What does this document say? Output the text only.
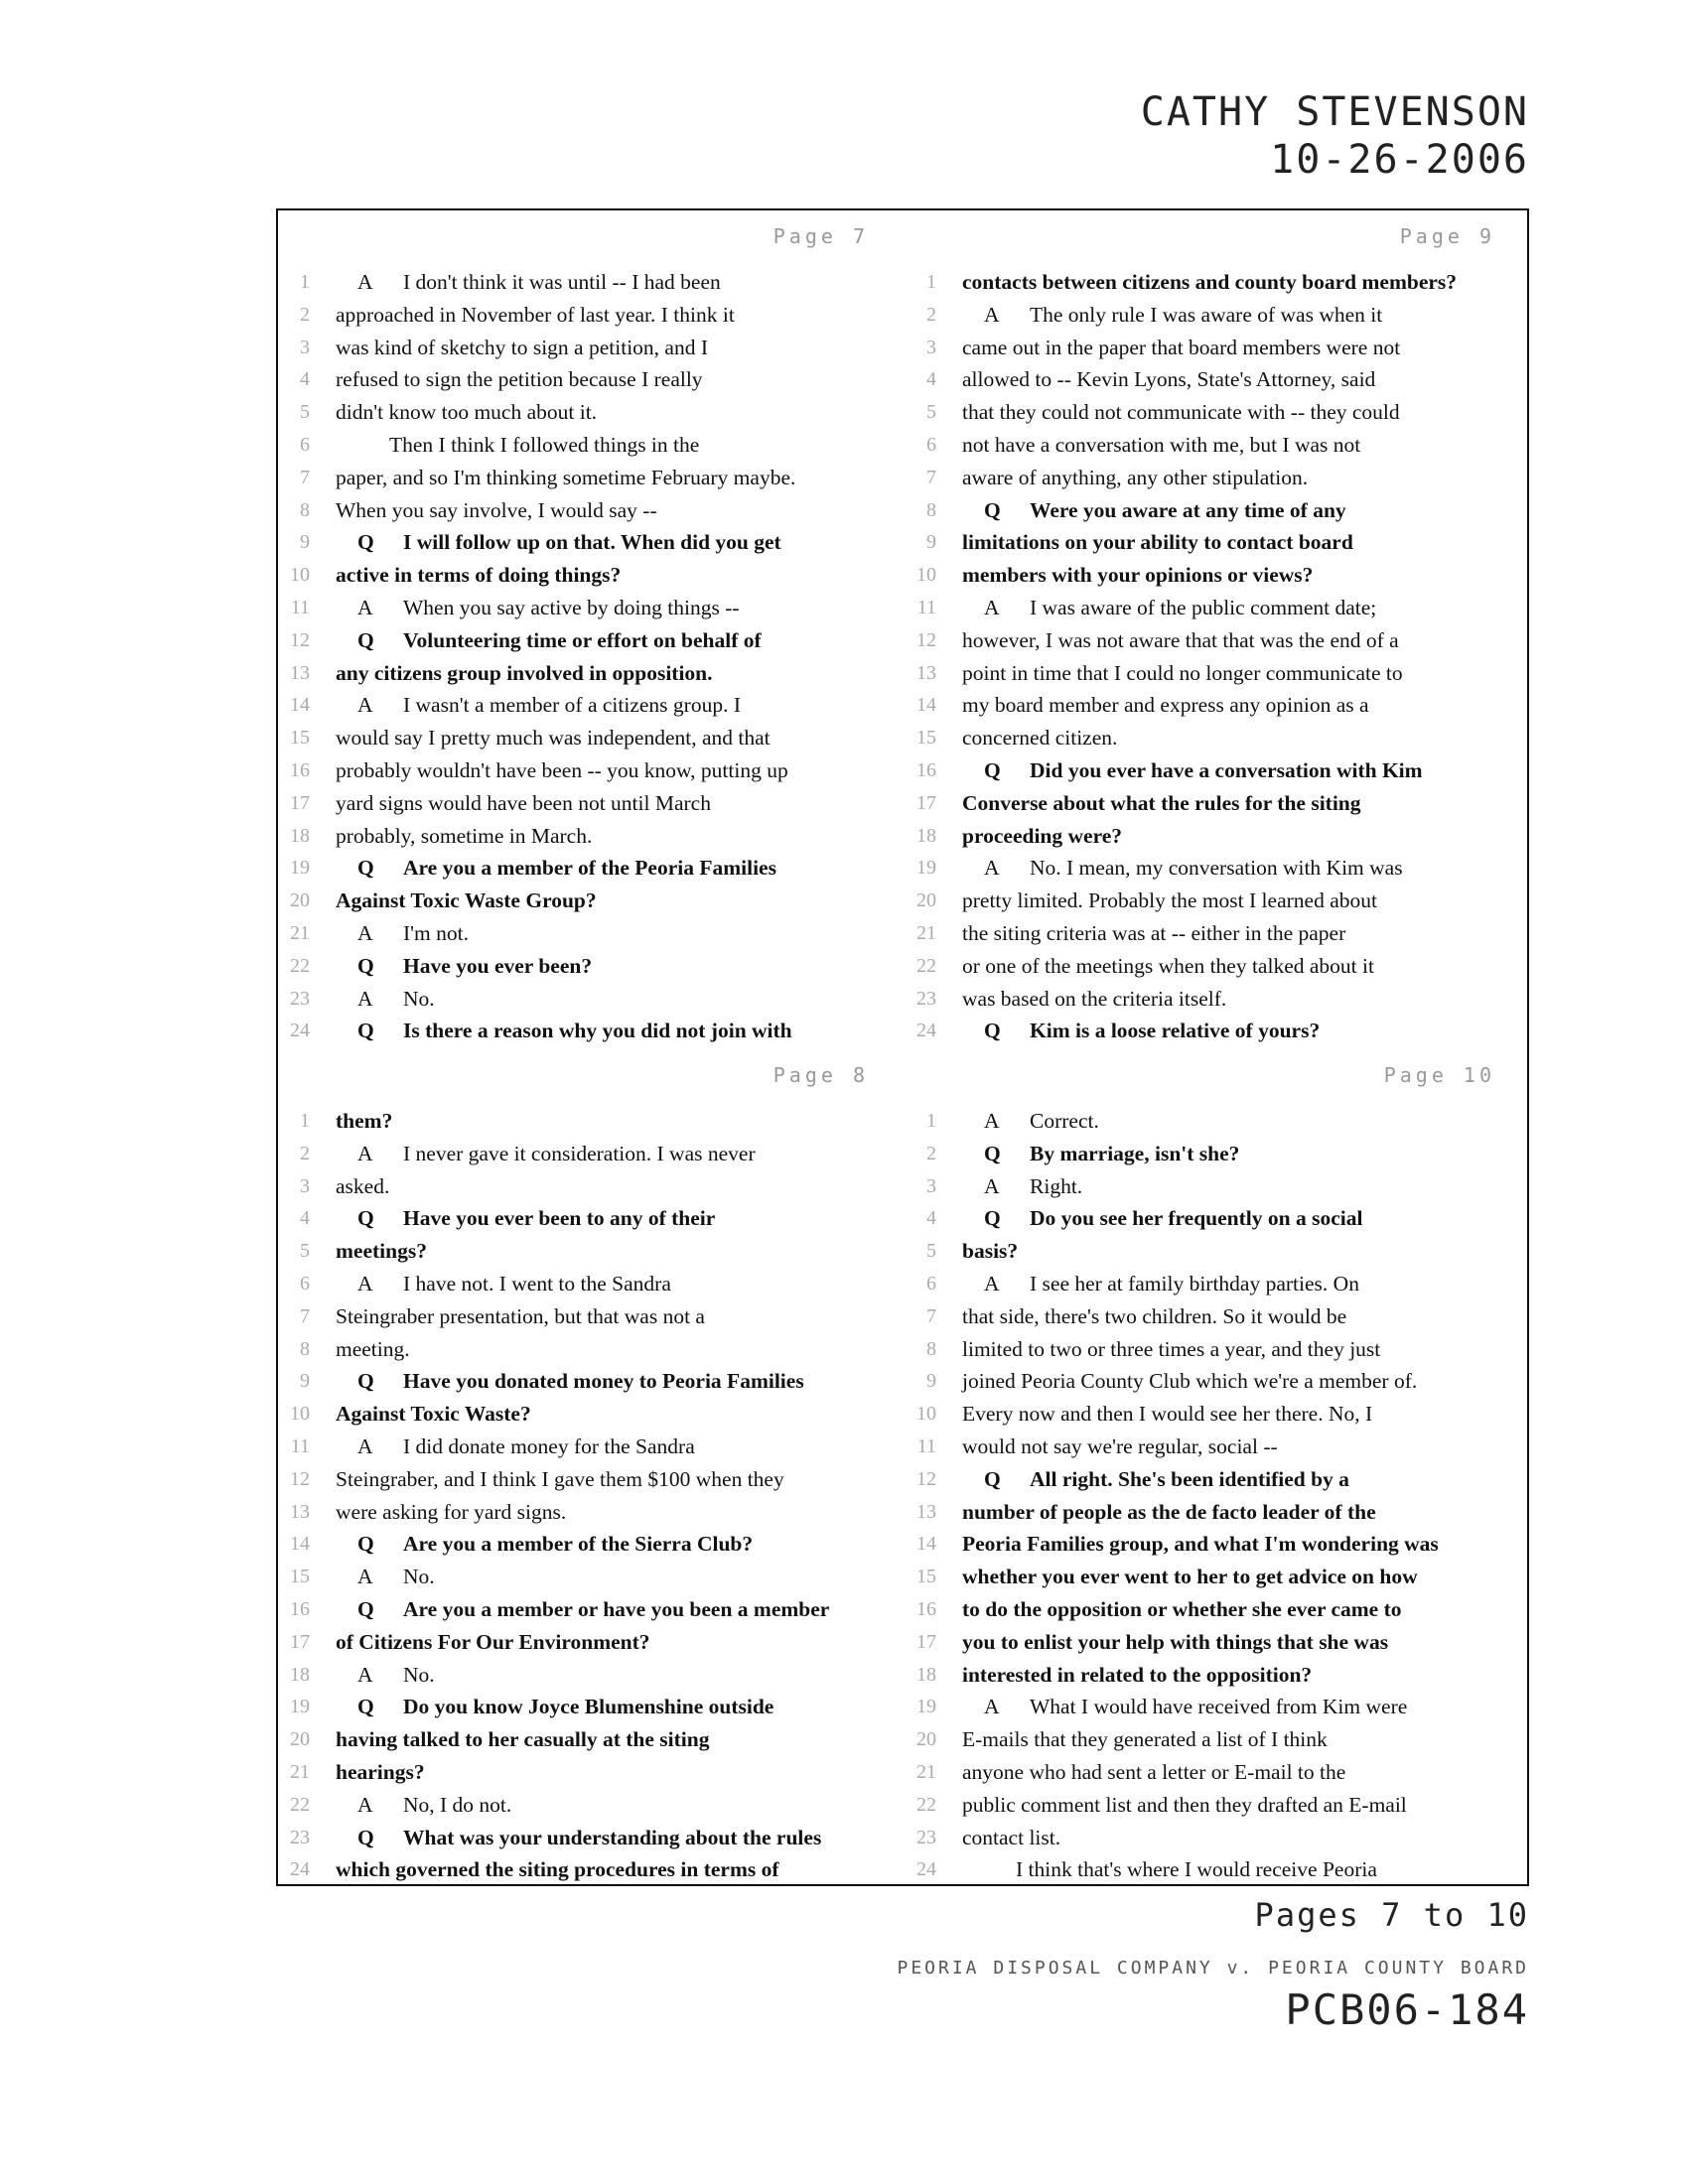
CATHY STEVENSON
10-26-2006
Page 7
1	A I don't think it was until -- I had been
2 approached in November of last year. I think it
3 was kind of sketchy to sign a petition, and I
4 refused to sign the petition because I really
5 didn't know too much about it.
6	Then I think I followed things in the
7 paper, and so I'm thinking sometime February maybe.
8 When you say involve, I would say --
9	Q I will follow up on that. When did you get
10 active in terms of doing things?
11	A When you say active by doing things --
12	Q Volunteering time or effort on behalf of
13 any citizens group involved in opposition.
14	A I wasn't a member of a citizens group. I
15 would say I pretty much was independent, and that
16 probably wouldn't have been -- you know, putting up
17 yard signs would have been not until March
18 probably, sometime in March.
19	Q Are you a member of the Peoria Families
20 Against Toxic Waste Group?
21	A I'm not.
22	Q Have you ever been?
23	A No.
24	Q Is there a reason why you did not join with
Page 9
1 contacts between citizens and county board members?
2	A The only rule I was aware of was when it
3 came out in the paper that board members were not
4 allowed to -- Kevin Lyons, State's Attorney, said
5 that they could not communicate with -- they could
6 not have a conversation with me, but I was not
7 aware of anything, any other stipulation.
8	Q Were you aware at any time of any
9 limitations on your ability to contact board
10 members with your opinions or views?
11	A I was aware of the public comment date;
12 however, I was not aware that that was the end of a
13 point in time that I could no longer communicate to
14 my board member and express any opinion as a
15 concerned citizen.
16	Q Did you ever have a conversation with Kim
17 Converse about what the rules for the siting
18 proceeding were?
19	A No. I mean, my conversation with Kim was
20 pretty limited. Probably the most I learned about
21 the siting criteria was at -- either in the paper
22 or one of the meetings when they talked about it
23 was based on the criteria itself.
24	Q Kim is a loose relative of yours?
Page 8
1 them?
2	A I never gave it consideration. I was never
3 asked.
4	Q Have you ever been to any of their
5 meetings?
6	A I have not. I went to the Sandra
7 Steingraber presentation, but that was not a
8 meeting.
9	Q Have you donated money to Peoria Families
10 Against Toxic Waste?
11	A I did donate money for the Sandra
12 Steingraber, and I think I gave them $100 when they
13 were asking for yard signs.
14	Q Are you a member of the Sierra Club?
15	A No.
16	Q Are you a member or have you been a member
17 of Citizens For Our Environment?
18	A No.
19	Q Do you know Joyce Blumenshine outside
20 having talked to her casually at the siting
21 hearings?
22	A No, I do not.
23	Q What was your understanding about the rules
24 which governed the siting procedures in terms of
Page 10
1	A Correct.
2	Q By marriage, isn't she?
3	A Right.
4	Q Do you see her frequently on a social
5 basis?
6	A I see her at family birthday parties. On
7 that side, there's two children. So it would be
8 limited to two or three times a year, and they just
9 joined Peoria County Club which we're a member of.
10 Every now and then I would see her there. No, I
11 would not say we're regular, social --
12	Q All right. She's been identified by a
13 number of people as the de facto leader of the
14 Peoria Families group, and what I'm wondering was
15 whether you ever went to her to get advice on how
16 to do the opposition or whether she ever came to
17 you to enlist your help with things that she was
18 interested in related to the opposition?
19	A What I would have received from Kim were
20 E-mails that they generated a list of I think
21 anyone who had sent a letter or E-mail to the
22 public comment list and then they drafted an E-mail
23 contact list.
24	I think that's where I would receive Peoria
Pages 7 to 10
PEORIA DISPOSAL COMPANY v. PEORIA COUNTY BOARD
PCB06-184
